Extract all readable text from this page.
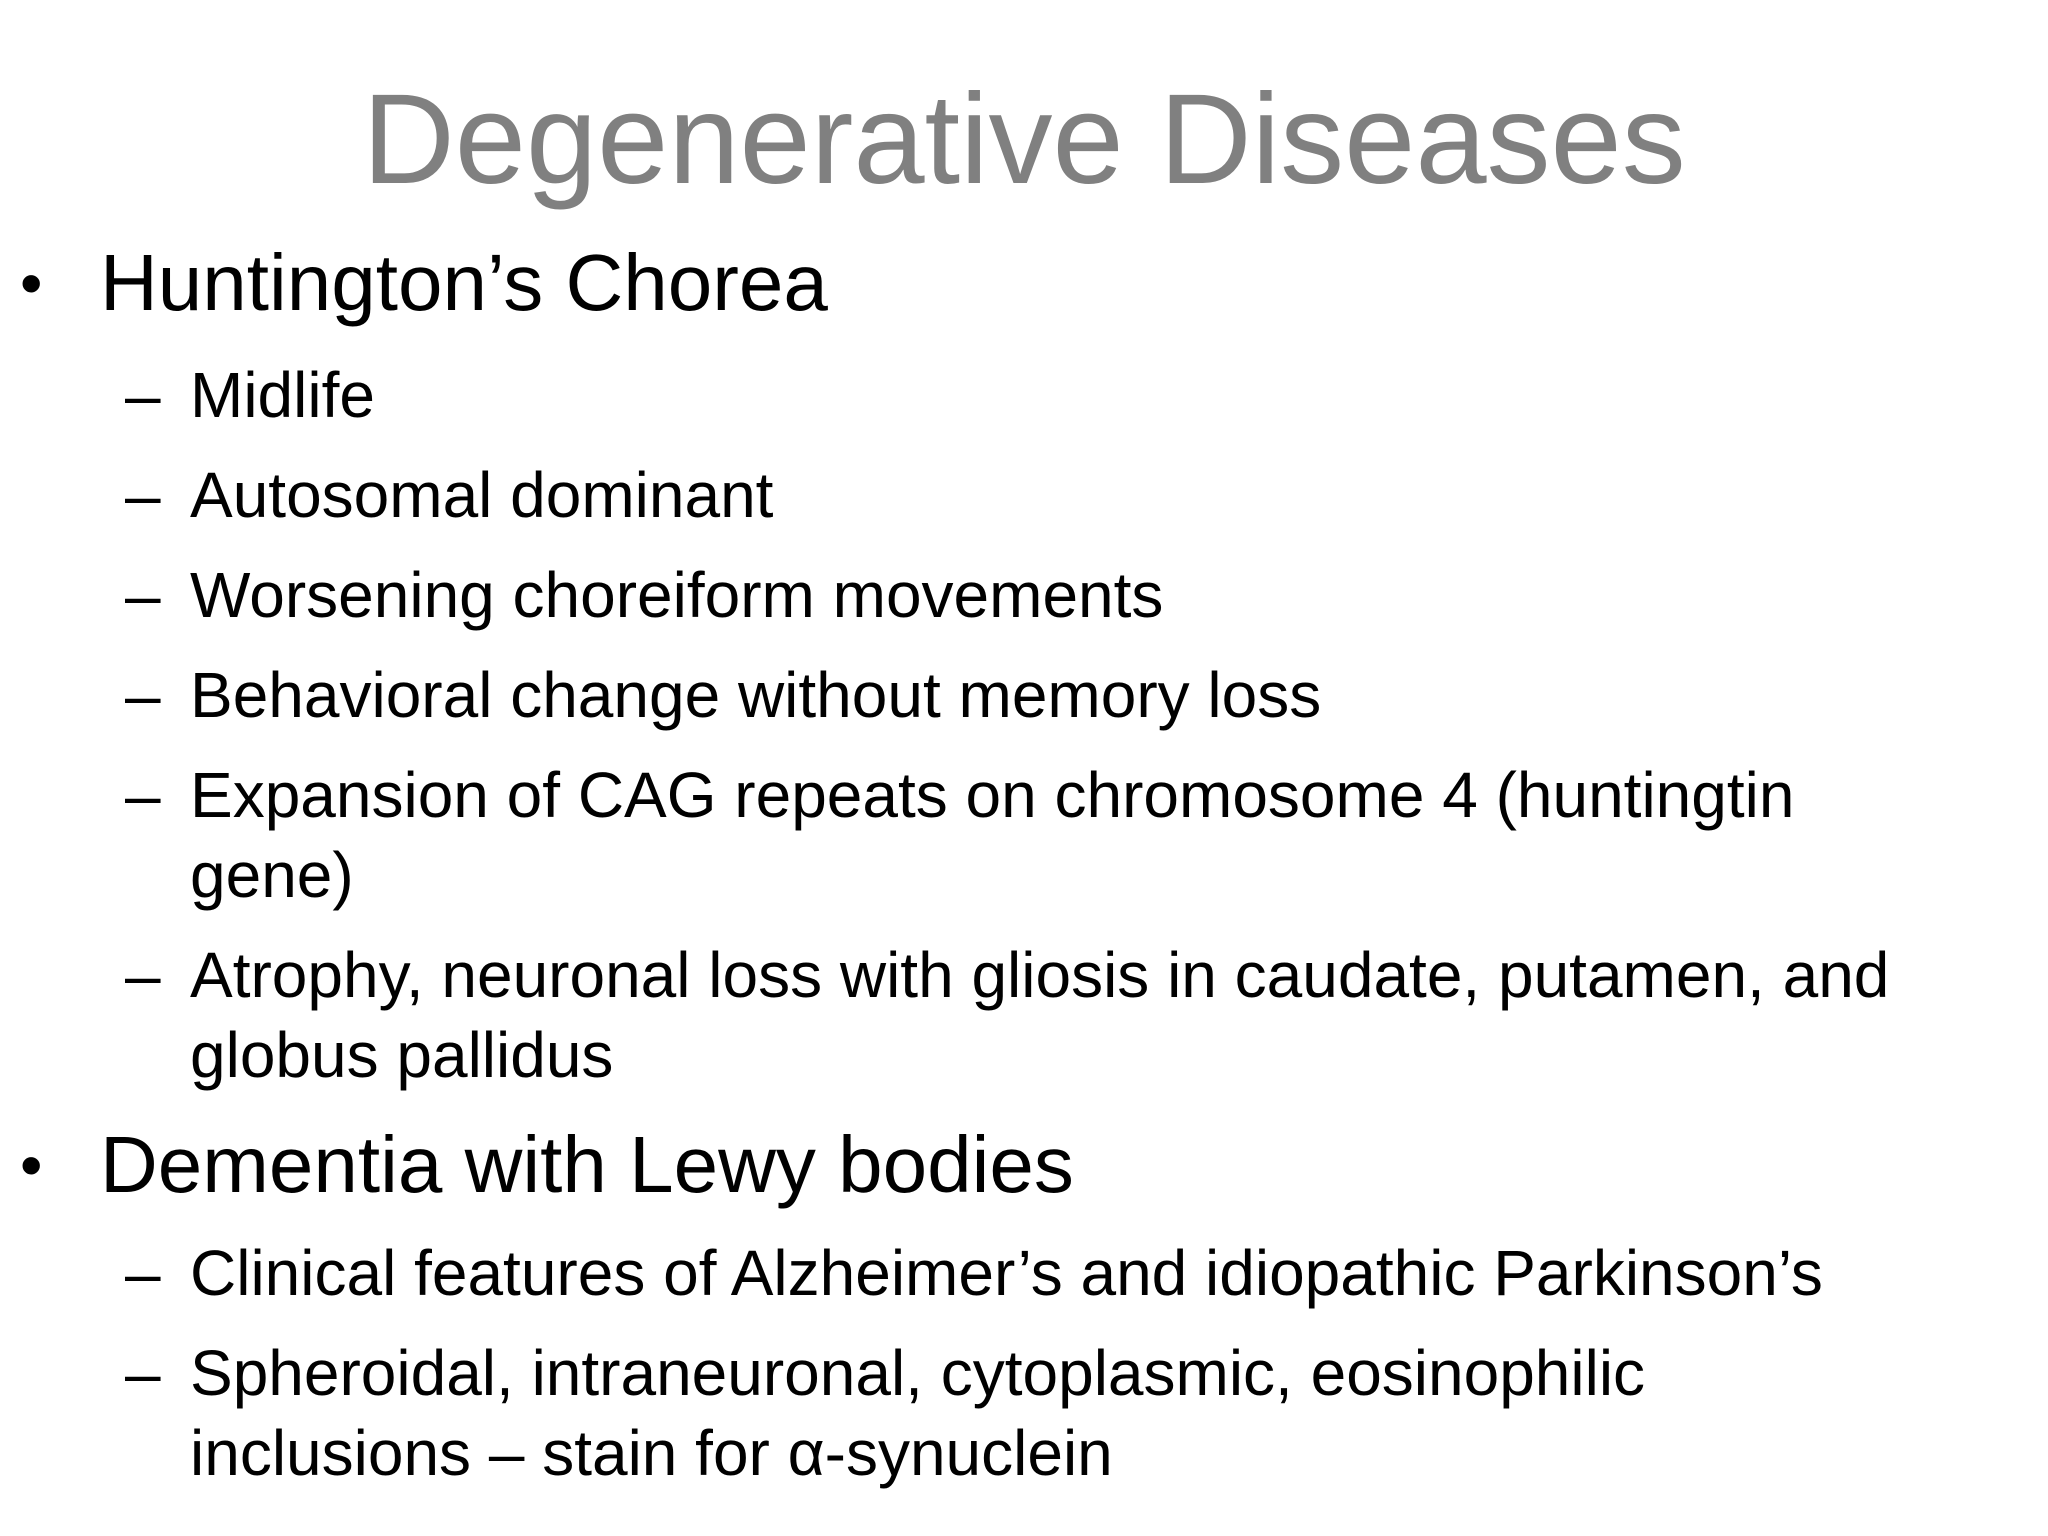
Degenerative Diseases
• Huntington’s Chorea
– Midlife
– Autosomal dominant
– Worsening choreiform movements
– Behavioral change without memory loss
– Expansion of CAG repeats on chromosome 4 (huntingtin
gene)
– Atrophy, neuronal loss with gliosis in caudate, putamen, and
globus pallidus
• Dementia with Lewy bodies
– Clinical features of Alzheimer’s and idiopathic Parkinson’s
– Spheroidal, intraneuronal, cytoplasmic, eosinophilic
inclusions – stain for α-synuclein
